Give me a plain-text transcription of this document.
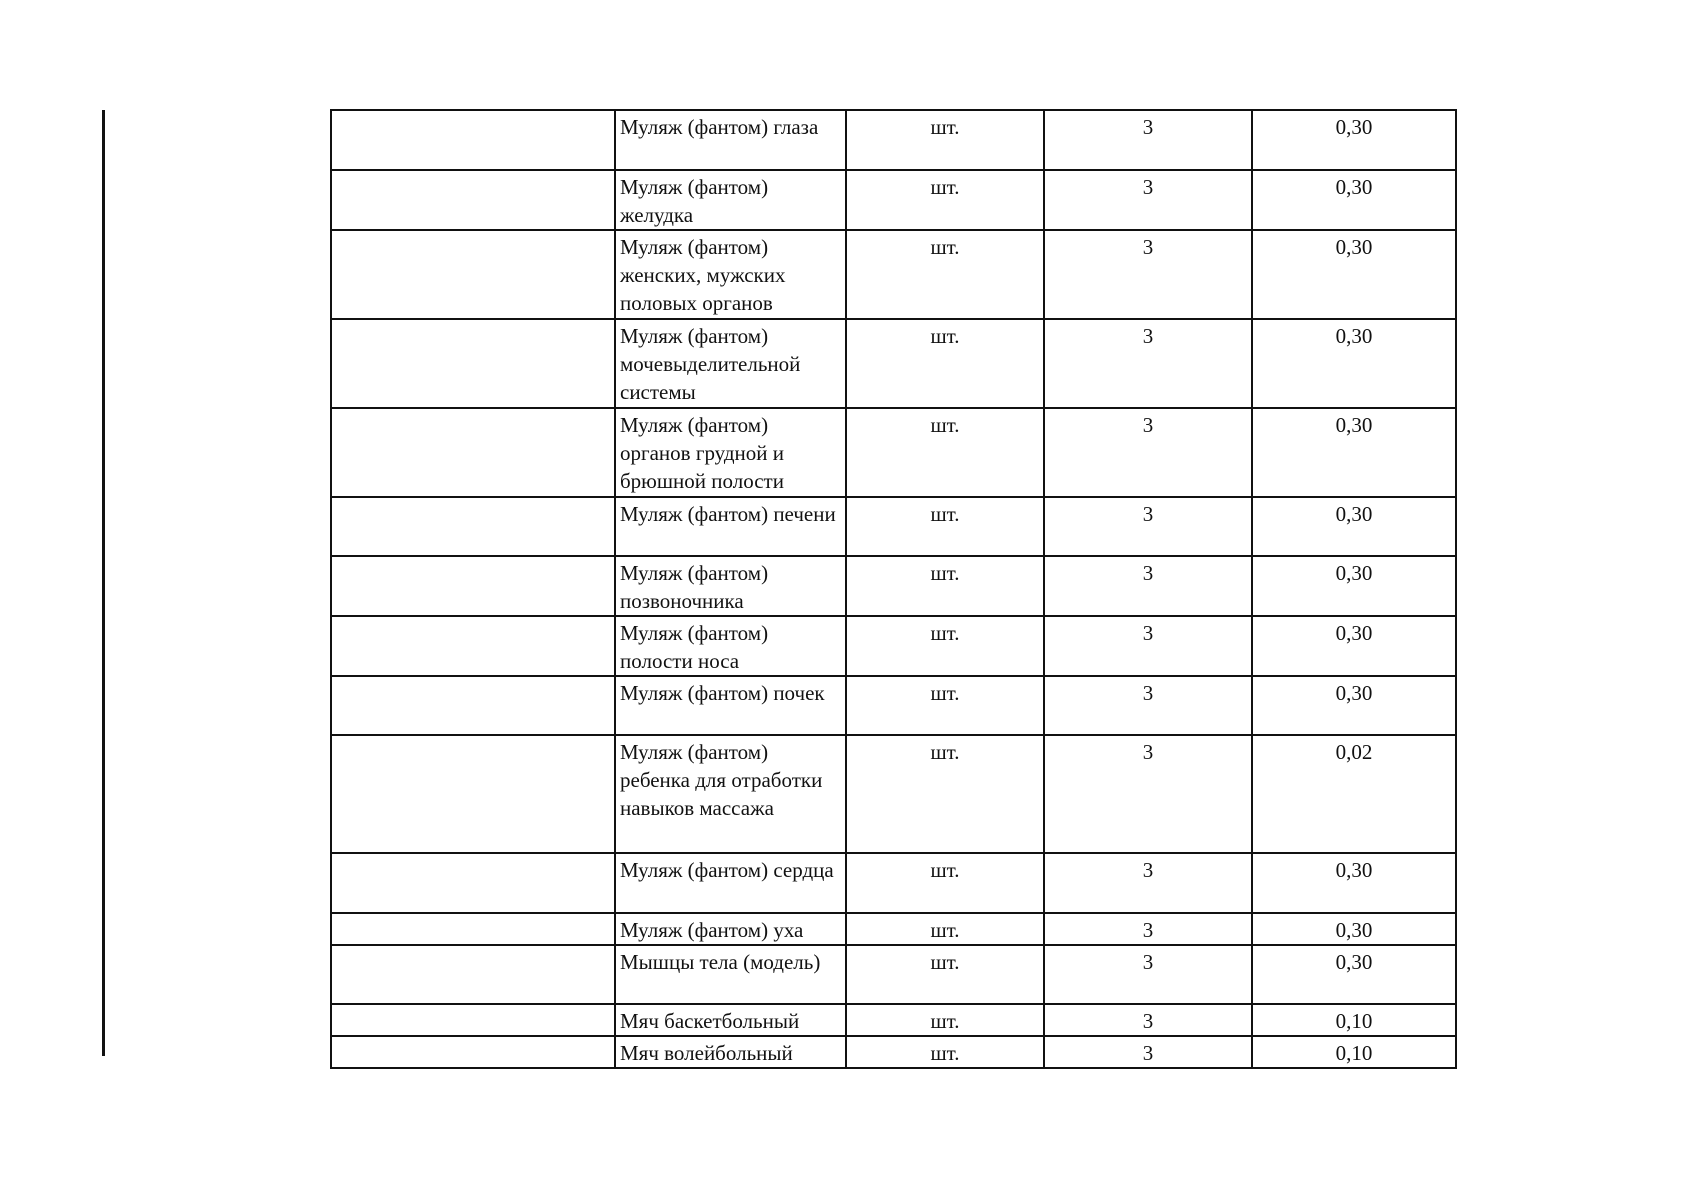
	Муляж (фантом) глаза	шт.	3	0,30
	Муляж (фантом) желудка	шт.	3	0,30
	Муляж (фантом) женских, мужских половых органов	шт.	3	0,30
	Муляж (фантом) мочевыделительной системы	шт.	3	0,30
	Муляж (фантом) органов грудной и брюшной полости	шт.	3	0,30
	Муляж (фантом) печени	шт.	3	0,30
	Муляж (фантом) позвоночника	шт.	3	0,30
	Муляж (фантом) полости носа	шт.	3	0,30
	Муляж (фантом) почек	шт.	3	0,30
	Муляж (фантом) ребенка для отработки навыков массажа	шт.	3	0,02
	Муляж (фантом) сердца	шт.	3	0,30
	Муляж (фантом) уха	шт.	3	0,30
	Мышцы тела (модель)	шт.	3	0,30
	Мяч баскетбольный	шт.	3	0,10
	Мяч волейбольный	шт.	3	0,10
